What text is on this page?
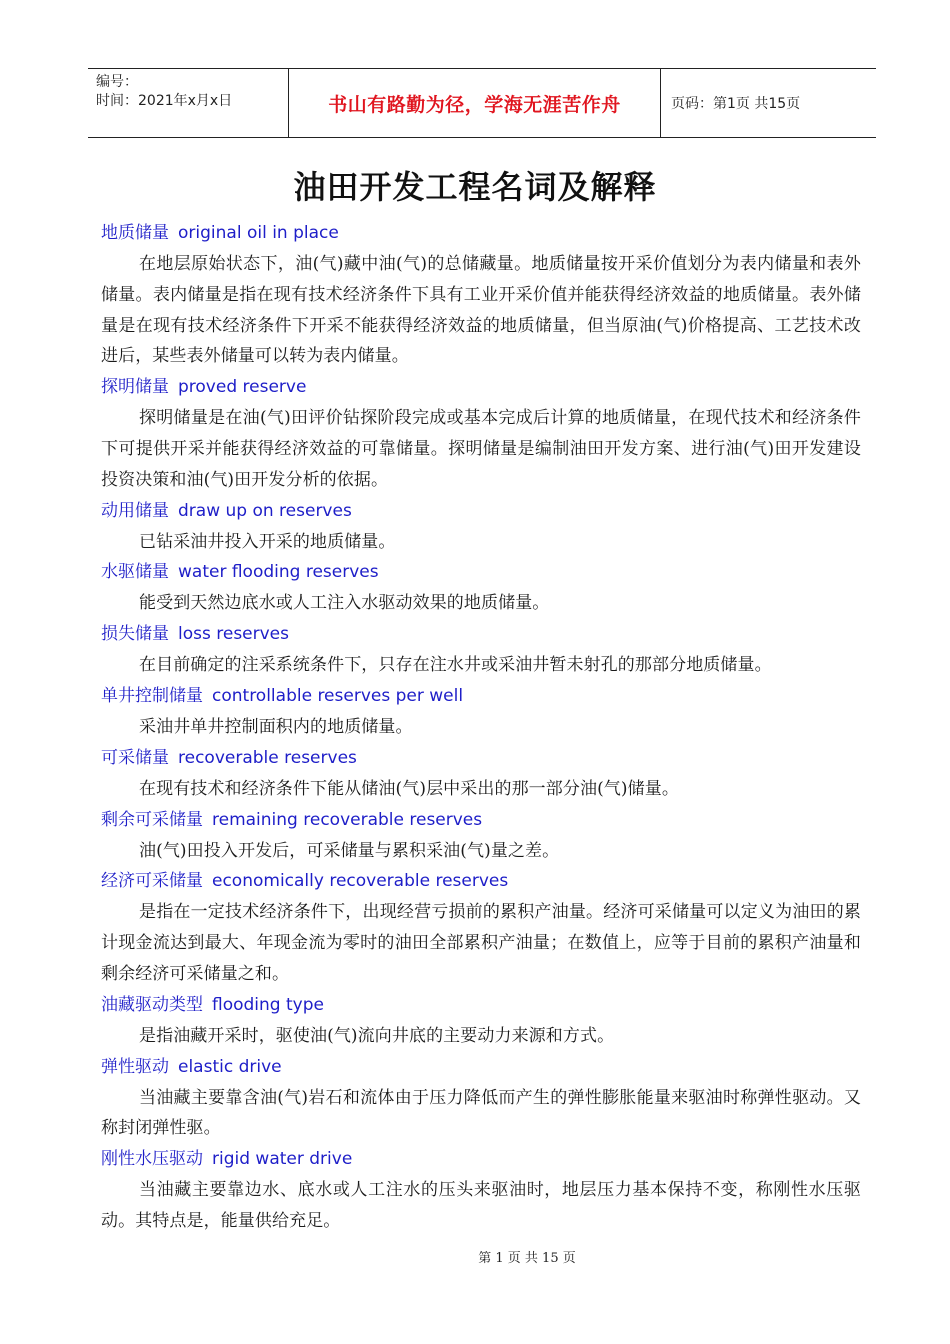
编号：
时间：2021年x月x日	书山有路勤为径，学海无涯苦作舟	页码：第1页 共15页
油田开发工程名词及解释
地质储量 original oil in place
在地层原始状态下，油(气)藏中油(气)的总储藏量。地质储量按开采价值划分为表内储量和表外储量。表内储量是指在现有技术经济条件下具有工业开采价值并能获得经济效益的地质储量。表外储量是在现有技术经济条件下开采不能获得经济效益的地质储量，但当原油(气)价格提高、工艺技术改进后，某些表外储量可以转为表内储量。
探明储量 proved reserve
探明储量是在油(气)田评价钻探阶段完成或基本完成后计算的地质储量，在现代技术和经济条件下可提供开采并能获得经济效益的可靠储量。探明储量是编制油田开发方案、进行油(气)田开发建设投资决策和油(气)田开发分析的依据。
动用储量 draw up on reserves
已钻采油井投入开采的地质储量。
水驱储量 water flooding reserves
能受到天然边底水或人工注入水驱动效果的地质储量。
损失储量 loss reserves
在目前确定的注采系统条件下，只存在注水井或采油井暂未射孔的那部分地质储量。
单井控制储量 controllable reserves per well
采油井单井控制面积内的地质储量。
可采储量 recoverable reserves
在现有技术和经济条件下能从储油(气)层中采出的那一部分油(气)储量。
剩余可采储量 remaining recoverable reserves
油(气)田投入开发后，可采储量与累积采油(气)量之差。
经济可采储量 economically recoverable reserves
是指在一定技术经济条件下，出现经营亏损前的累积产油量。经济可采储量可以定义为油田的累计现金流达到最大、年现金流为零时的油田全部累积产油量；在数值上，应等于目前的累积产油量和剩余经济可采储量之和。
油藏驱动类型 flooding type
是指油藏开采时，驱使油(气)流向井底的主要动力来源和方式。
弹性驱动 elastic drive
当油藏主要靠含油(气)岩石和流体由于压力降低而产生的弹性膨胀能量来驱油时称弹性驱动。又称封闭弹性驱。
刚性水压驱动 rigid water drive
当油藏主要靠边水、底水或人工注水的压头来驱油时，地层压力基本保持不变，称刚性水压驱动。其特点是，能量供给充足。
第 1 页 共 15 页
